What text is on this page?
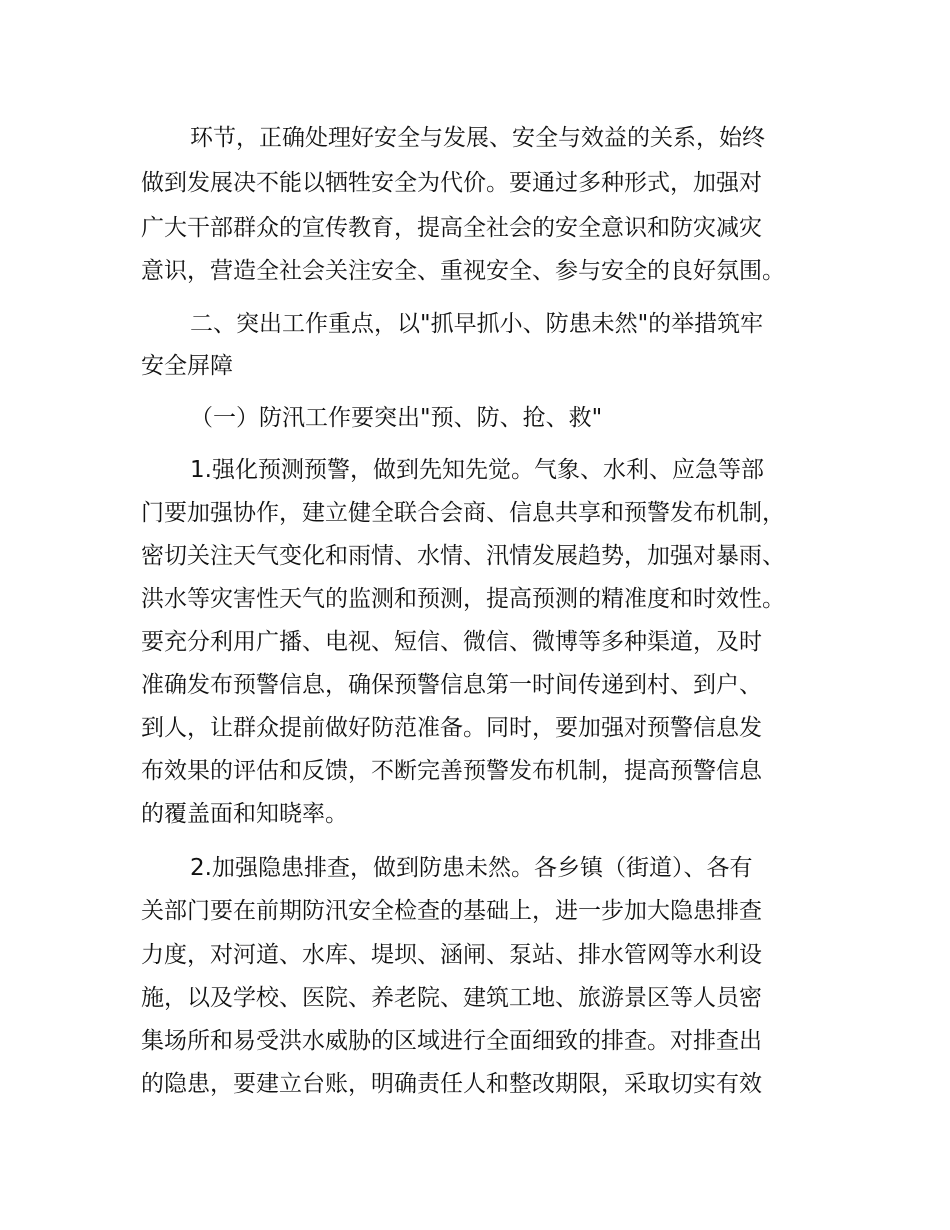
环节，正确处理好安全与发展、安全与效益的关系，始终
做到发展决不能以牺牲安全为代价。要通过多种形式，加强对
广大干部群众的宣传教育，提高全社会的安全意识和防灾减灾
意识，营造全社会关注安全、重视安全、参与安全的良好氛围。
二、突出工作重点，以"抓早抓小、防患未然"的举措筑牢
安全屏障
（一）防汛工作要突出"预、防、抢、救"
1.强化预测预警，做到先知先觉。气象、水利、应急等部
门要加强协作，建立健全联合会商、信息共享和预警发布机制，
密切关注天气变化和雨情、水情、汛情发展趋势，加强对暴雨、
洪水等灾害性天气的监测和预测，提高预测的精准度和时效性。
要充分利用广播、电视、短信、微信、微博等多种渠道，及时
准确发布预警信息，确保预警信息第一时间传递到村、到户、
到人，让群众提前做好防范准备。同时，要加强对预警信息发
布效果的评估和反馈，不断完善预警发布机制，提高预警信息
的覆盖面和知晓率。
2.加强隐患排查，做到防患未然。各乡镇（街道）、各有
关部门要在前期防汛安全检查的基础上，进一步加大隐患排查
力度，对河道、水库、堤坝、涵闸、泵站、排水管网等水利设
施，以及学校、医院、养老院、建筑工地、旅游景区等人员密
集场所和易受洪水威胁的区域进行全面细致的排查。对排查出
的隐患，要建立台账，明确责任人和整改期限，采取切实有效
